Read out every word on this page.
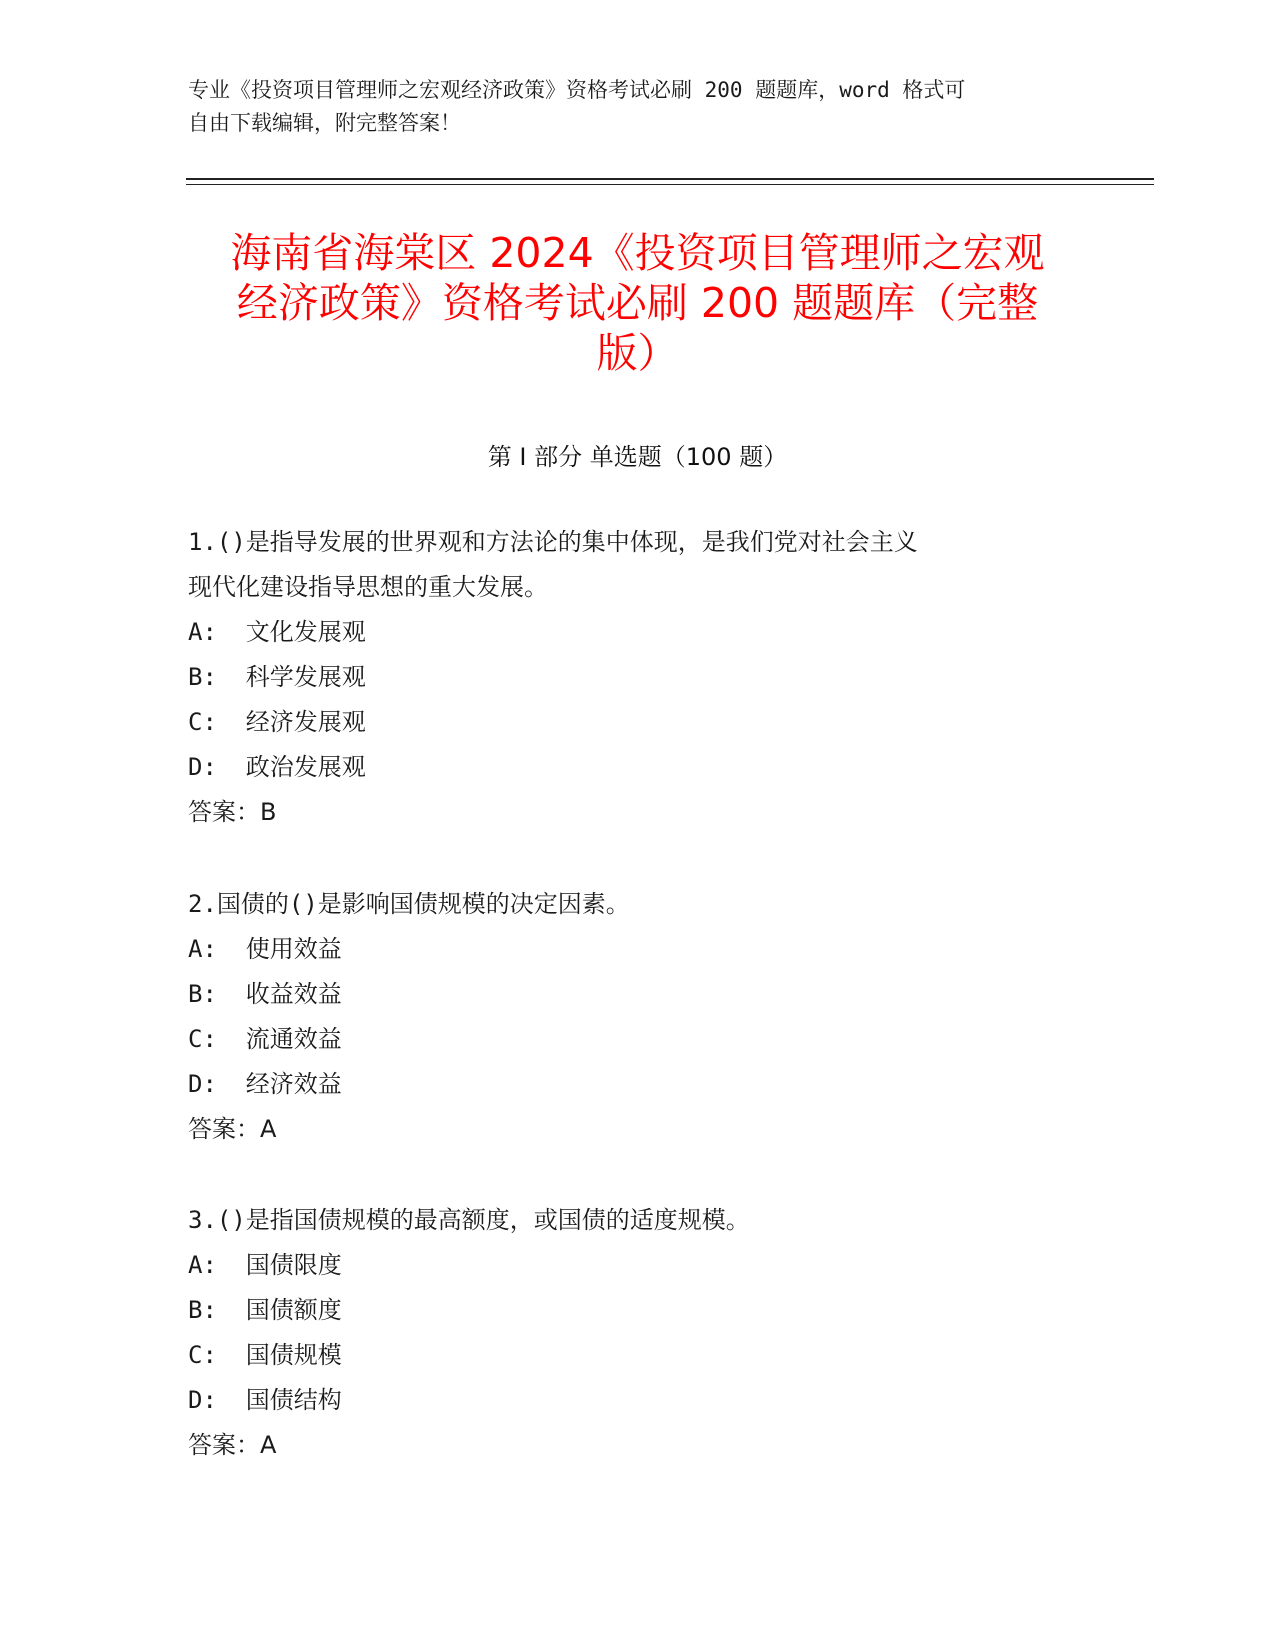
专业《投资项目管理师之宏观经济政策》资格考试必刷 200 题题库，word 格式可
自由下载编辑，附完整答案！
海南省海棠区 2024《投资项目管理师之宏观
经济政策》资格考试必刷 200 题题库（完整
版）
第 I 部分 单选题（100 题）

1.()是指导发展的世界观和方法论的集中体现，是我们党对社会主义

现代化建设指导思想的重大发展。

A:  文化发展观

B:  科学发展观

C:  经济发展观

D:  政治发展观

答案：B

2.国债的()是影响国债规模的决定因素。

A:  使用效益

B:  收益效益

C:  流通效益

D:  经济效益

答案：A

3.()是指国债规模的最高额度，或国债的适度规模。

A:  国债限度

B:  国债额度

C:  国债规模

D:  国债结构

答案：A
